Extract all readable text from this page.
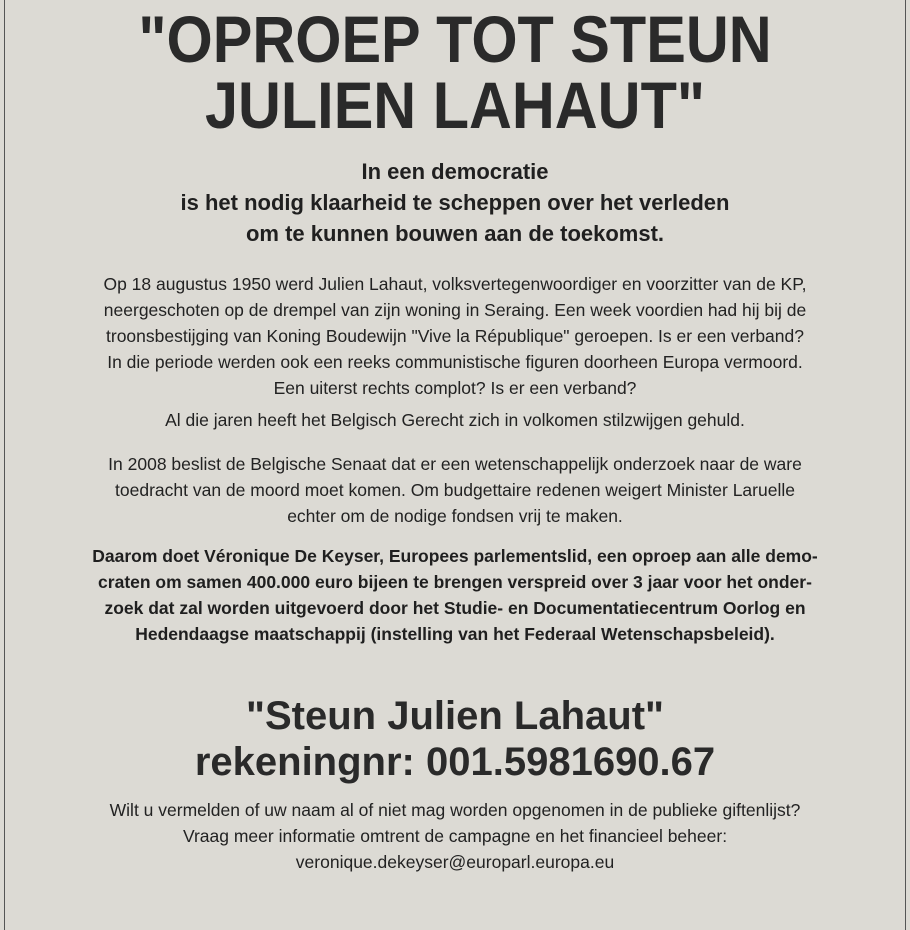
"OPROEP TOT STEUN
JULIEN LAHAUT"
In een democratie
is het nodig klaarheid te scheppen over het verleden
om te kunnen bouwen aan de toekomst.
Op 18 augustus 1950 werd Julien Lahaut, volksvertegenwoordiger en voorzitter van de KP,
neergeschoten op de drempel van zijn woning in Seraing. Een week voordien had hij bij de
troonsbestijging van Koning Boudewijn "Vive la République" geroepen. Is er een verband?
In die periode werden ook een reeks communistische figuren doorheen Europa vermoord.
Een uiterst rechts complot? Is er een verband?
Al die jaren heeft het Belgisch Gerecht zich in volkomen stilzwijgen gehuld.
In 2008 beslist de Belgische Senaat dat er een wetenschappelijk onderzoek naar de ware
toedracht van de moord moet komen. Om budgettaire redenen weigert Minister Laruelle
echter om de nodige fondsen vrij te maken.
Daarom doet Véronique De Keyser, Europees parlementslid, een oproep aan alle demo-
craten om samen 400.000 euro bijeen te brengen verspreid over 3 jaar voor het onder-
zoek dat zal worden uitgevoerd door het Studie- en Documentatiecentrum Oorlog en
Hedendaagse maatschappij (instelling van het Federaal Wetenschapsbeleid).
"Steun Julien Lahaut"
rekeningnr: 001.5981690.67
Wilt u vermelden of uw naam al of niet mag worden opgenomen in de publieke giftenlijst?
Vraag meer informatie omtrent de campagne en het financieel beheer:
veronique.dekeyser@europarl.europa.eu
